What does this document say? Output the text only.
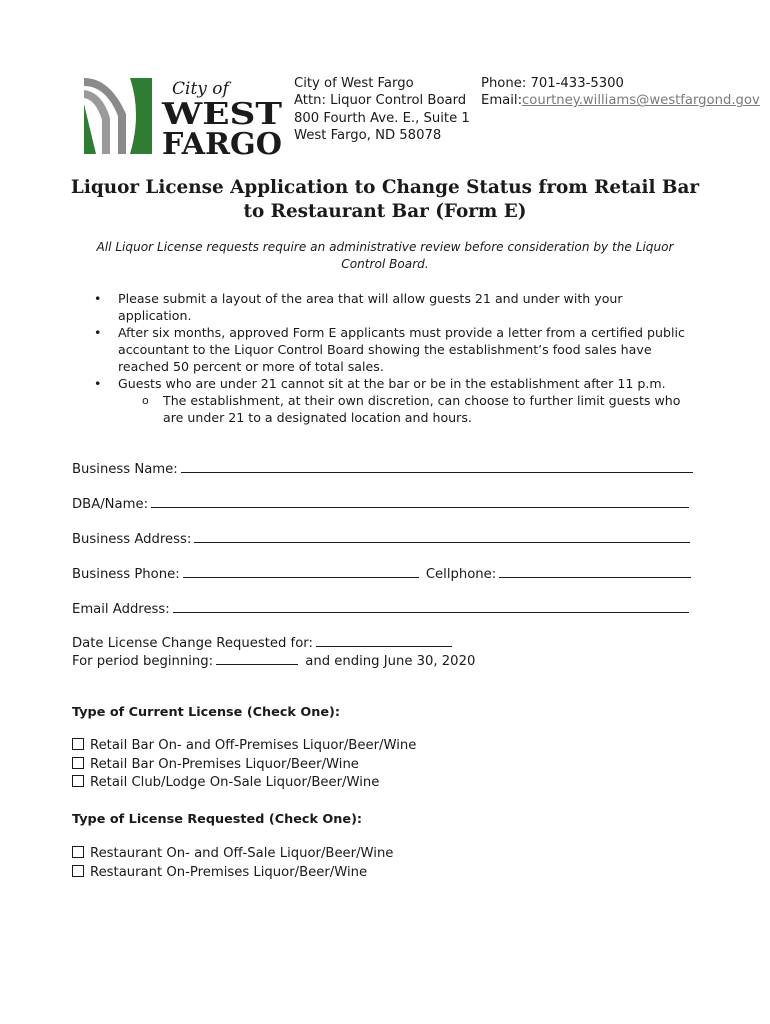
City of
WEST
FARGO
City of West Fargo
Attn: Liquor Control Board
800 Fourth Ave. E., Suite 1
West Fargo, ND 58078
Phone: 701-433-5300
Email:courtney.williams@westfargond.gov
Liquor License Application to Change Status from Retail Bar
to Restaurant Bar (Form E)
All Liquor License requests require an administrative review before consideration by the Liquor
Control Board.
• Please submit a layout of the area that will allow guests 21 and under with your
application.
• After six months, approved Form E applicants must provide a letter from a certified public
accountant to the Liquor Control Board showing the establishment’s food sales have
reached 50 percent or more of total sales.
• Guests who are under 21 cannot sit at the bar or be in the establishment after 11 p.m.
o The establishment, at their own discretion, can choose to further limit guests who
are under 21 to a designated location and hours.
Business Name:
DBA/Name:
Business Address:
Business Phone:	Cellphone:
Email Address:
Date License Change Requested for:
For period beginning:	and ending June 30, 2020
Type of Current License (Check One):
Retail Bar On- and Off-Premises Liquor/Beer/Wine
Retail Bar On-Premises Liquor/Beer/Wine
Retail Club/Lodge On-Sale Liquor/Beer/Wine
Type of License Requested (Check One):
Restaurant On- and Off-Sale Liquor/Beer/Wine
Restaurant On-Premises Liquor/Beer/Wine
